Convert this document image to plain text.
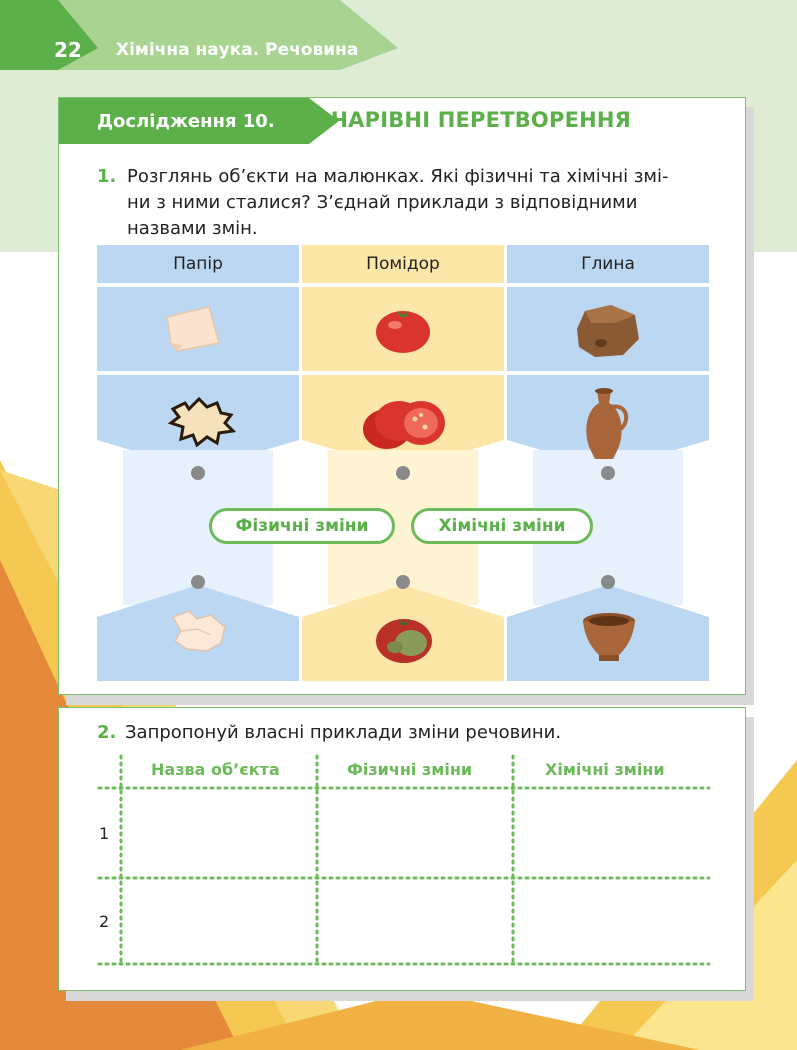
22 Хімічна наука. Речовина
Дослідження 10.	ЧАРІВНІ ПЕРЕТВОРЕННЯ
1. Розглянь об’єкти на малюнках. Які фізичні та хімічні змі-
ни з ними сталися? З’єднай приклади з відповідними
назвами змін.
Папір	Помідор	Глина
Фізичні зміни	Хімічні зміни
2. Запропонуй власні приклади зміни речовини.
Назва об’єкта	Фізичні зміни	Хімічні зміни
1
2
